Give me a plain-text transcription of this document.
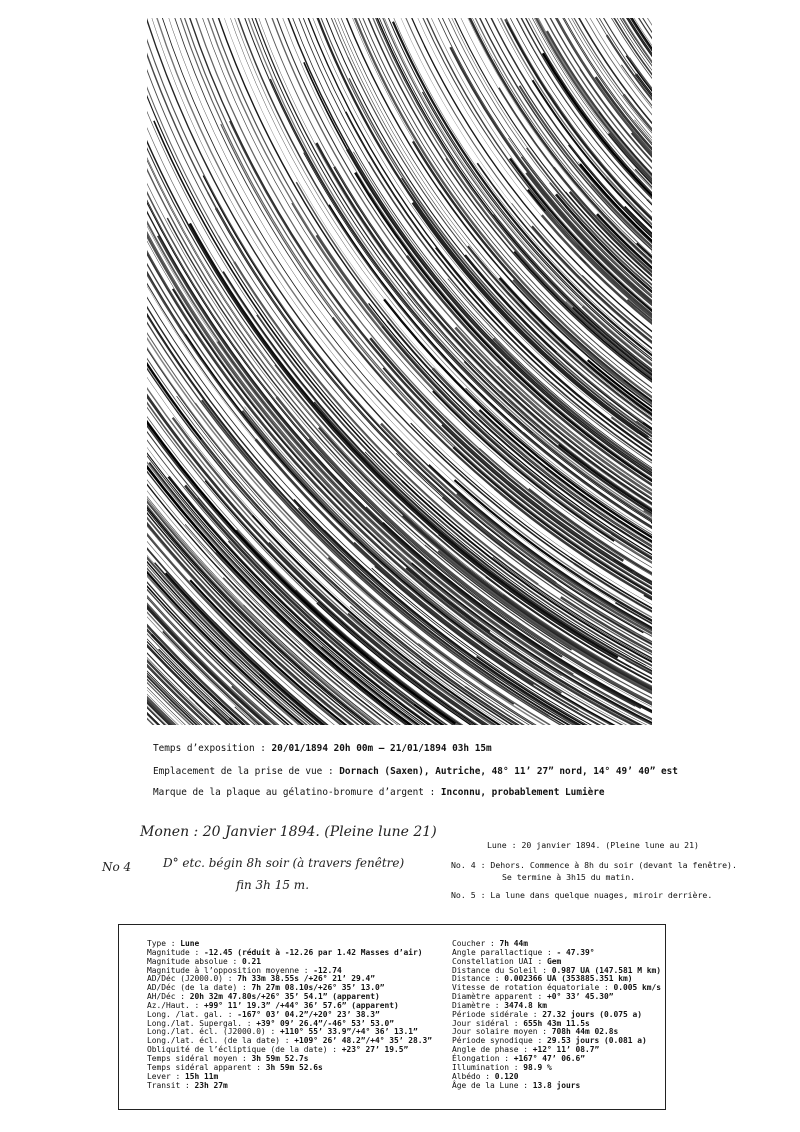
Temps d’exposition : 20/01/1894 20h 00m — 21/01/1894 03h 15m
Emplacement de la prise de vue : Dornach (Saxen), Autriche, 48° 11’ 27” nord, 14° 49’ 40” est
Marque de la plaque au gélatino-bromure d’argent : Inconnu, probablement Lumière
Monen : 20 Janvier 1894. (Pleine lune 21)
No 4	D° etc. bégin 8h soir (à travers fenêtre)
fin 3h 15 m.
Lune : 20 janvier 1894. (Pleine lune au 21)
No. 4 : Dehors. Commence à 8h du soir (devant la fenêtre).
Se termine à 3h15 du matin.
No. 5 : La lune dans quelque nuages, miroir derrière.
Type : Lune
Magnitude : -12.45 (réduit à -12.26 par 1.42 Masses d’air)
Magnitude absolue : 0.21
Magnitude à l’opposition moyenne : -12.74
AD/Déc (J2000.0) : 7h 33m 38.55s /+26° 21’ 29.4”
AD/Déc (de la date) : 7h 27m 08.10s/+26° 35’ 13.0”
AH/Déc : 20h 32m 47.80s/+26° 35’ 54.1” (apparent)
Az./Haut. : +99° 11’ 19.3” /+44° 36’ 57.6” (apparent)
Long. /lat. gal. : -167° 03’ 04.2”/+20° 23’ 38.3”
Long./lat. Supergal. : +39° 09’ 26.4”/-46° 53’ 53.0”
Long./lat. écl. (J2000.0) : +110° 55’ 33.9”/+4° 36’ 13.1”
Long./lat. écl. (de la date) : +109° 26’ 48.2”/+4° 35’ 28.3”
Obliquité de l’écliptique (de la date) : +23° 27’ 19.5”
Temps sidéral moyen : 3h 59m 52.7s
Temps sidéral apparent : 3h 59m 52.6s
Lever : 15h 11m
Transit : 23h 27m
Coucher : 7h 44m
Angle parallactique : - 47.39°
Constellation UAI : Gem
Distance du Soleil : 0.987 UA (147.581 M km)
Distance : 0.002366 UA (353885.351 km)
Vitesse de rotation équatoriale : 0.005 km/s
Diamètre apparent : +0° 33’ 45.30”
Diamètre : 3474.8 km
Période sidérale : 27.32 jours (0.075 a)
Jour sidéral : 655h 43m 11.5s
Jour solaire moyen : 708h 44m 02.8s
Période synodique : 29.53 jours (0.081 a)
Angle de phase : +12° 11’ 08.7”
Élongation : +167° 47’ 06.6”
Illumination : 98.9 %
Albédo : 0.120
Âge de la Lune : 13.8 jours
